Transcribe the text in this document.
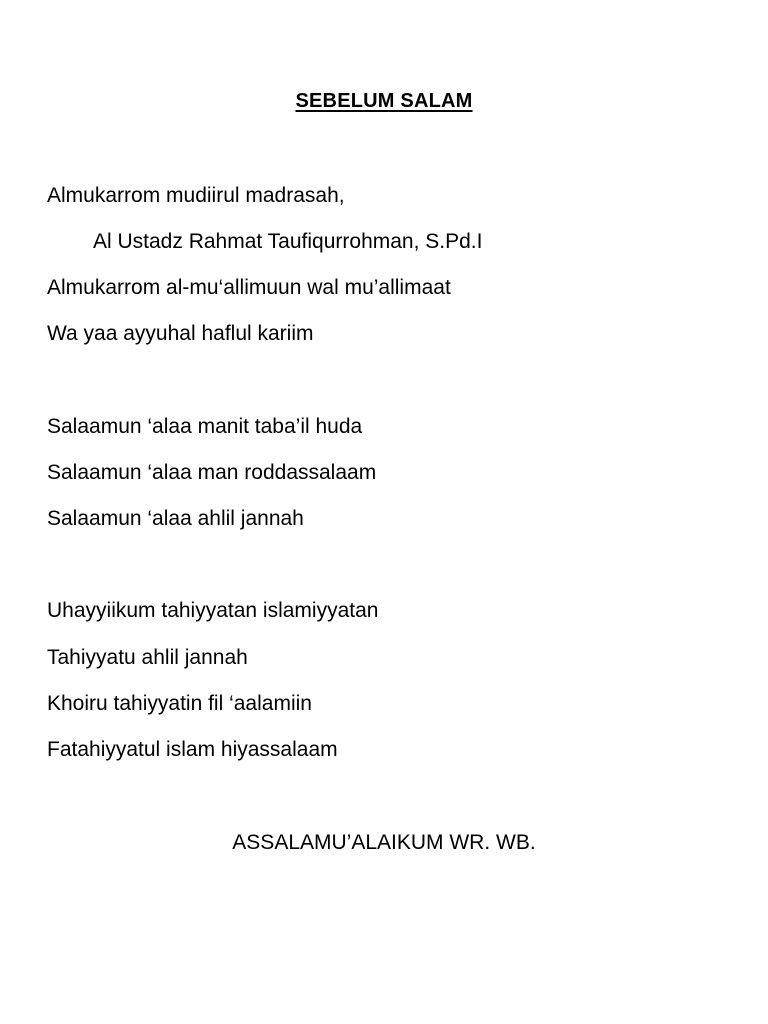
SEBELUM SALAM
Almukarrom mudiirul madrasah,
Al Ustadz Rahmat Taufiqurrohman, S.Pd.I
Almukarrom al-mu‘allimuun wal mu’allimaat
Wa yaa ayyuhal haflul kariim
Salaamun ‘alaa manit taba’il huda
Salaamun ‘alaa man roddassalaam
Salaamun ‘alaa ahlil jannah
Uhayyiikum tahiyyatan islamiyyatan
Tahiyyatu ahlil jannah
Khoiru tahiyyatin fil ‘aalamiin
Fatahiyyatul islam hiyassalaam
ASSALAMU’ALAIKUM WR. WB.
